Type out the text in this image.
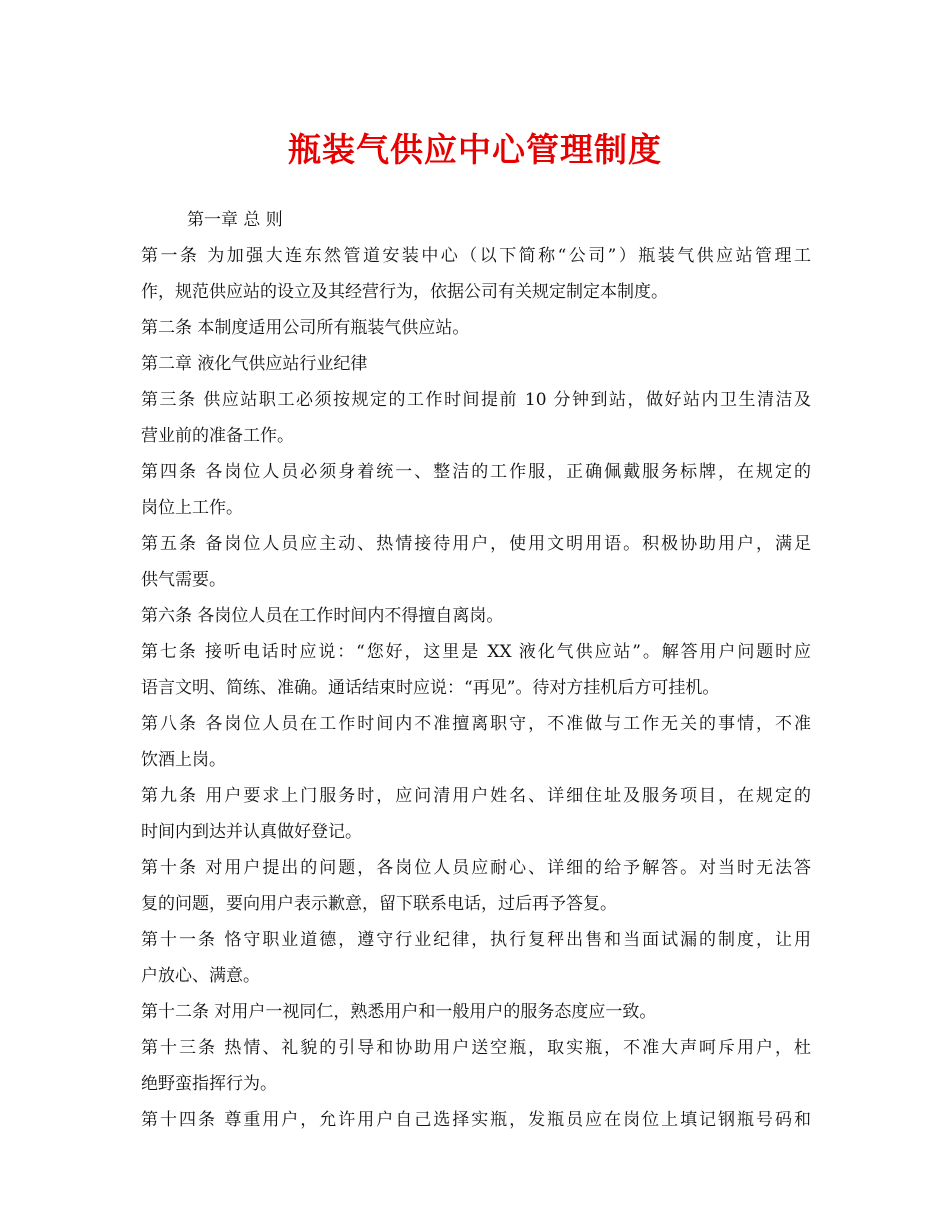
瓶装气供应中心管理制度
第一章 总 则
第一条 为加强大连东然管道安装中心（以下简称“公司”）瓶装气供应站管理工
作，规范供应站的设立及其经营行为，依据公司有关规定制定本制度。
第二条 本制度适用公司所有瓶装气供应站。
第二章 液化气供应站行业纪律
第三条 供应站职工必须按规定的工作时间提前 10 分钟到站，做好站内卫生清洁及
营业前的准备工作。
第四条 各岗位人员必须身着统一、整洁的工作服，正确佩戴服务标牌，在规定的
岗位上工作。
第五条 备岗位人员应主动、热情接待用户，使用文明用语。积极协助用户，满足
供气需要。
第六条 各岗位人员在工作时间内不得擅自离岗。
第七条 接听电话时应说：“您好，这里是 XX 液化气供应站”。解答用户问题时应
语言文明、简练、准确。通话结束时应说：“再见”。待对方挂机后方可挂机。
第八条 各岗位人员在工作时间内不准擅离职守，不准做与工作无关的事情，不准
饮酒上岗。
第九条 用户要求上门服务时，应问清用户姓名、详细住址及服务项目，在规定的
时间内到达并认真做好登记。
第十条 对用户提出的问题，各岗位人员应耐心、详细的给予解答。对当时无法答
复的问题，要向用户表示歉意，留下联系电话，过后再予答复。
第十一条 恪守职业道德，遵守行业纪律，执行复秤出售和当面试漏的制度，让用
户放心、满意。
第十二条 对用户一视同仁，熟悉用户和一般用户的服务态度应一致。
第十三条 热情、礼貌的引导和协助用户送空瓶，取实瓶，不准大声呵斥用户，杜
绝野蛮指挥行为。
第十四条 尊重用户，允许用户自己选择实瓶，发瓶员应在岗位上填记钢瓶号码和
